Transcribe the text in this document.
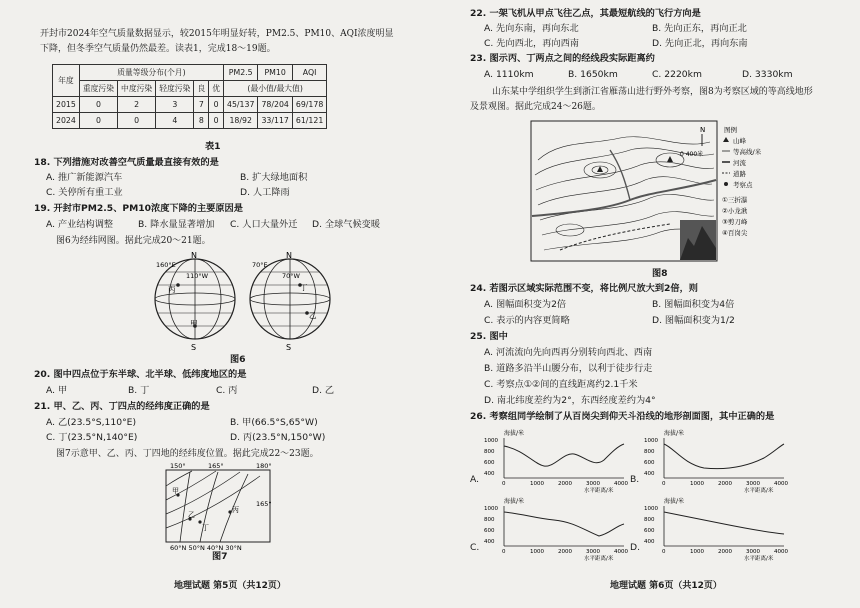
开封市2024年空气质量数据显示，较2015年明显好转，PM2.5、PM10、AQI浓度明显
下降，但冬季空气质量仍然最差。读表1，完成18～19题。
年度	质量等级分布(个月)					PM2.5	PM10	AQI
	重度污染	中度污染	轻度污染	良	优	(最小值/最大值)		
2015	0	2	3	7	0	45/137	78/204	69/178
2024	0	0	4	8	0	18/92	33/117	61/121
表1
18. 下列措施对改善空气质量最直接有效的是
A. 推广新能源汽车	B. 扩大绿地面积
C. 关停所有重工业	D. 人工降雨
19. 开封市PM2.5、PM10浓度下降的主要原因是
A. 产业结构调整	B. 降水量显著增加 C. 人口大量外迁 D. 全球气候变暖
图6为经纬网图。据此完成20～21题。
N
S
160°E
110°W
丙
甲
N
S
70°E
70°W
丁
乙
图6
20. 图中四点位于东半球、北半球、低纬度地区的是
A. 甲	B. 丁	C. 丙	D. 乙
21. 甲、乙、丙、丁四点的经纬度正确的是
A. 乙(23.5°S,110°E)	B. 甲(66.5°S,65°W)
C. 丁(23.5°N,140°E)	D. 丙(23.5°N,150°W)
图7示意甲、乙、丙、丁四地的经纬度位置。据此完成22～23题。
150°	165°	180°
165°
60°N 50°N 40°N 30°N
甲
乙
丙
丁
图7
地理试题 第5页（共12页）
22. 一架飞机从甲点飞往乙点，其最短航线的飞行方向是
A. 先向东南，再向东北	B. 先向正东，再向正北
C. 先向西北，再向西南	D. 先向正北，再向东南
23. 图示丙、丁两点之间的经线段实际距离约
A. 1110km	B. 1650km	C. 2220km	D. 3330km
山东某中学组织学生到浙江省雁荡山进行野外考察，图8为考察区域的等高线地形
及景观图。据此完成24～26题。
N
0 400米
图例
山峰
等高线/米
河流
道路
考察点
①三折瀑
②小龙湫
③剪刀峰
④百岗尖
图8
24. 若图示区域实际范围不变，将比例尺放大到2倍，则
A. 图幅面积变为2倍	B. 图幅面积变为4倍
C. 表示的内容更简略	D. 图幅面积变为1/2
25. 图中
A. 河流流向先向西再分别转向西北、西南
B. 道路多沿半山腰分布，以利于徒步行走
C. 考察点①②间的直线距离约2.1千米
D. 南北纬度差约为2°，东西经度差约为4°
26. 考察组同学绘制了从百岗尖到仰天斗沿线的地形剖面图，其中正确的是
海拔/米
1000
800
600
400
0	1000	2000	3000	4000
水平距离/米
A.
海拔/米
1000
800
600
400
0	1000	2000	3000	4000
水平距离/米
B.
海拔/米
1000
800
600
400
0	1000	2000	3000	4000
水平距离/米
C.
海拔/米
1000
800
600
400
0	1000	2000	3000	4000
水平距离/米
D.
地理试题 第6页（共12页）
